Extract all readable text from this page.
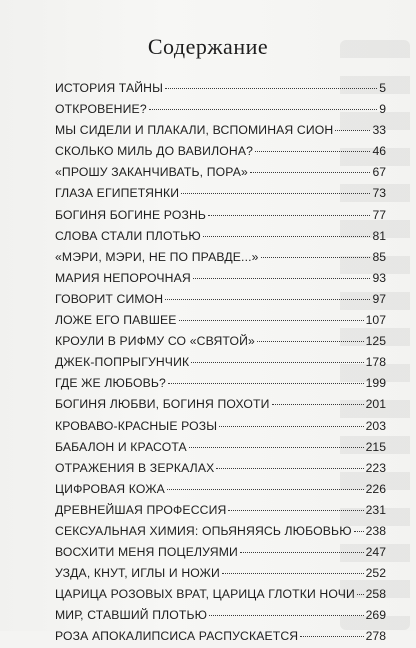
Содержание
ИСТОРИЯ ТАЙНЫ	5
ОТКРОВЕНИЕ?	9
МЫ СИДЕЛИ И ПЛАКАЛИ, ВСПОМИНАЯ СИОН	33
СКОЛЬКО МИЛЬ ДО ВАВИЛОНА?	46
«ПРОШУ ЗАКАНЧИВАТЬ, ПОРА»	67
ГЛАЗА ЕГИПЕТЯНКИ	73
БОГИНЯ БОГИНЕ РОЗНЬ	77
СЛОВА СТАЛИ ПЛОТЬЮ	81
«МЭРИ, МЭРИ, НЕ ПО ПРАВДЕ...»	85
МАРИЯ НЕПОРОЧНАЯ	93
ГОВОРИТ СИМОН	97
ЛОЖЕ ЕГО ПАВШЕЕ	107
КРОУЛИ В РИФМУ СО «СВЯТОЙ»	125
ДЖЕК-ПОПРЫГУНЧИК	178
ГДЕ ЖЕ ЛЮБОВЬ?	199
БОГИНЯ ЛЮБВИ, БОГИНЯ ПОХОТИ	201
КРОВАВО-КРАСНЫЕ РОЗЫ	203
БАБАЛОН И КРАСОТА	215
ОТРАЖЕНИЯ В ЗЕРКАЛАХ	223
ЦИФРОВАЯ КОЖА	226
ДРЕВНЕЙШАЯ ПРОФЕССИЯ	231
СЕКСУАЛЬНАЯ ХИМИЯ: ОПЬЯНЯЯСЬ ЛЮБОВЬЮ 238
ВОСХИТИ МЕНЯ ПОЦЕЛУЯМИ	247
УЗДА, КНУТ, ИГЛЫ И НОЖИ	252
ЦАРИЦА РОЗОВЫХ ВРАТ, ЦАРИЦА ГЛОТКИ НОЧИ 258
МИР, СТАВШИЙ ПЛОТЬЮ	269
РОЗА АПОКАЛИПСИСА РАСПУСКАЕТСЯ	278
